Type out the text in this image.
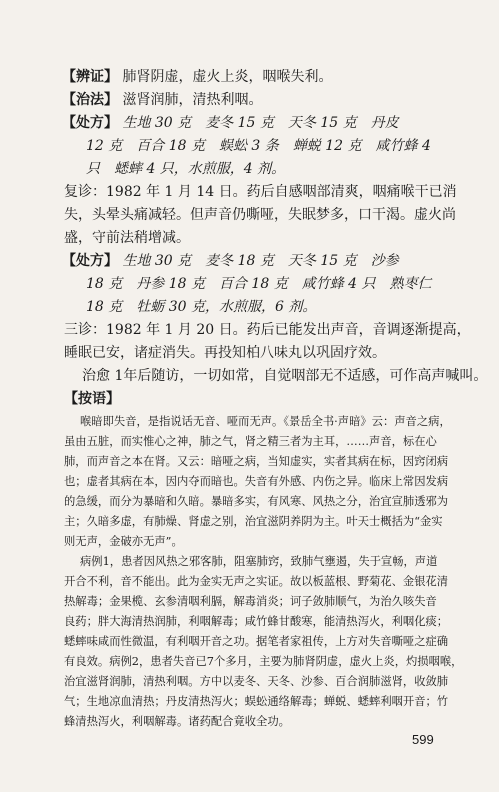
【辨证】 肺肾阴虚，虚火上炎，咽喉失利。
【治法】 滋肾润肺，清热利咽。
【处方】 生地 30 克　麦冬 15 克　天冬 15 克　丹皮
12 克　百合 18 克　蜈蚣 3 条　蝉蜕 12 克　咸竹蜂 4
只　蟋蟀 4 只，水煎服，4 剂。
复诊：1982 年 1 月 14 日。药后自感咽部清爽，咽痛喉干已消
失，头晕头痛减轻。但声音仍嘶哑，失眠梦多，口干渴。虚火尚
盛，守前法稍增减。
【处方】 生地 30 克　麦冬 18 克　天冬 15 克　沙参
18 克　丹参 18 克　百合 18 克　咸竹蜂 4 只　熟枣仁
18 克　牡蛎 30 克，水煎服，6 剂。
三诊：1982 年 1 月 20 日。药后已能发出声音，音调逐渐提高，
睡眠已安，诸症消失。再投知柏八味丸以巩固疗效。
治愈 1年后随访，一切如常，自觉咽部无不适感，可作高声喊叫。
【按语】
喉暗即失音，是指说话无音、哑而无声。《景岳全书·声暗》云：声音之病，
虽由五脏，而实惟心之神，肺之气，肾之精三者为主耳，……声音，标在心
肺，而声音之本在肾。又云：暗哑之病，当知虚实，实者其病在标，因窍闭病
也；虚者其病在本，因内夺而暗也。失音有外感、内伤之异。临床上常因发病
的急缓，而分为暴暗和久暗。暴暗多实，有风寒、风热之分，治宜宣肺透邪为
主；久暗多虚，有肺燥、肾虚之别，治宜滋阴养阴为主。叶天士概括为“金实
则无声，金破亦无声”。
病例1，患者因风热之邪客肺，阻塞肺窍，致肺气壅遏，失于宣畅，声道
开合不利，音不能出。此为金实无声之实证。故以板蓝根、野菊花、金银花清
热解毒；金果榄、玄参清咽利膈，解毒消炎；诃子敛肺顺气，为治久咳失音
良药；胖大海清热润肺，利咽解毒；咸竹蜂甘酸寒，能清热泻火，利咽化痰；
蟋蟀味咸而性微温，有利咽开音之功。据笔者家祖传，上方对失音嘶哑之症确
有良效。病例2，患者失音已7个多月，主要为肺肾阴虚，虚火上炎，灼损咽喉，
治宜滋肾润肺，清热利咽。方中以麦冬、天冬、沙参、百合润肺滋肾，收敛肺
气；生地凉血清热；丹皮清热泻火；蜈蚣通络解毒；蝉蜕、蟋蟀利咽开音；竹
蜂清热泻火，利咽解毒。诸药配合竟收全功。
599
